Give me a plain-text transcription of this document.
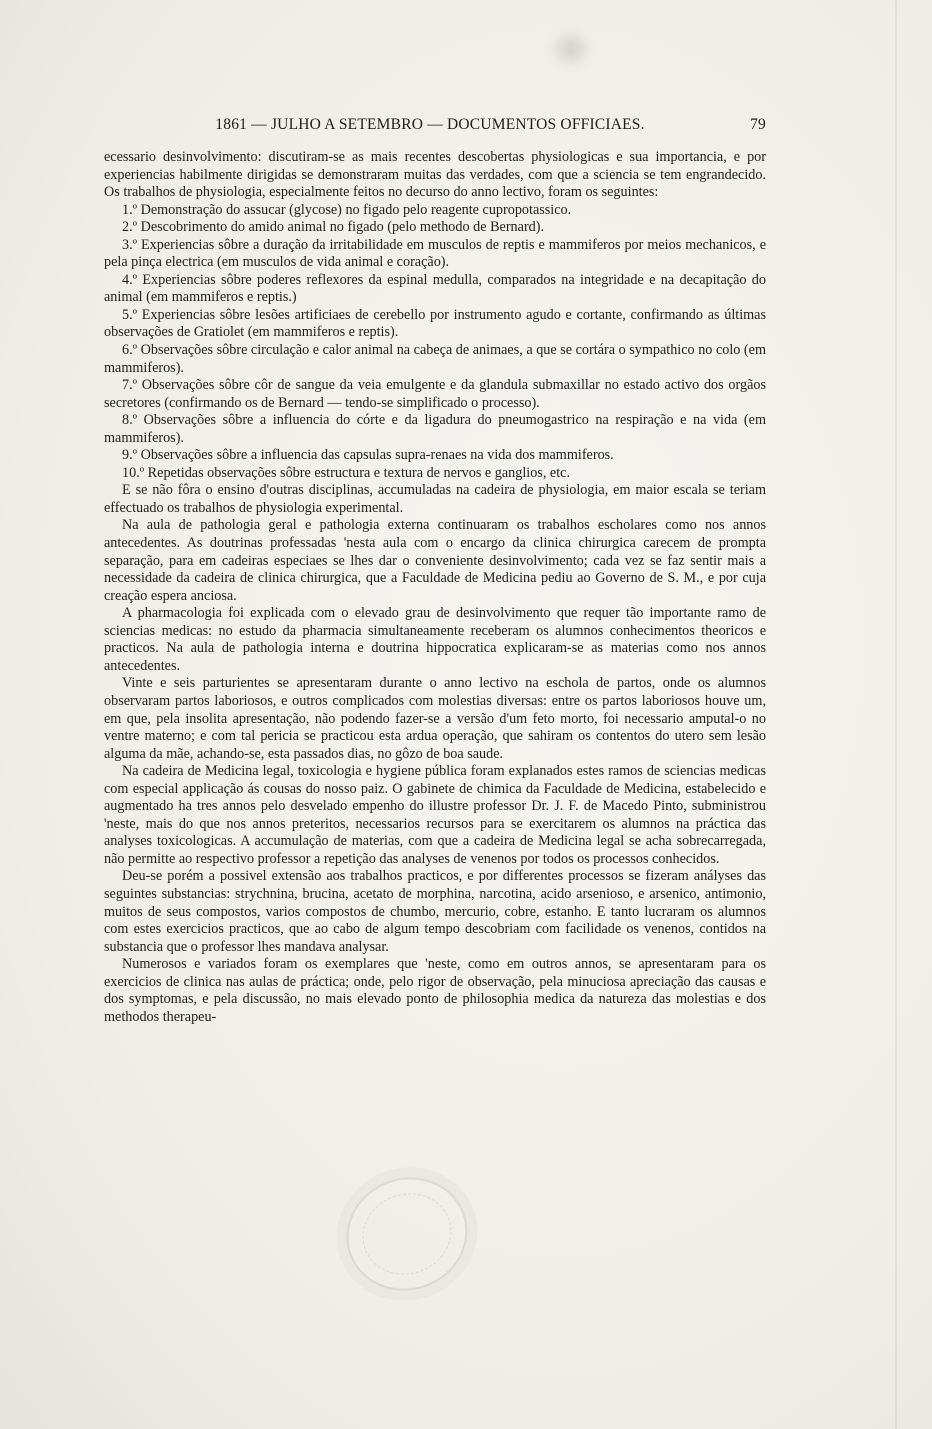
1861 — JULHO A SETEMBRO — DOCUMENTOS OFFICIAES.	79

ecessario desinvolvimento: discutiram-se as mais recentes descobertas physiologicas e sua importancia, e por experiencias habilmente dirigidas se demonstraram muitas das verdades, com que a sciencia se tem engrandecido. Os trabalhos de physiologia, especialmente feitos no decurso do anno lectivo, foram os seguintes:

1.º Demonstração do assucar (glycose) no figado pelo reagente cupropotassico.

2.º Descobrimento do amido animal no figado (pelo methodo de Bernard).

3.º Experiencias sôbre a duração da irritabilidade em musculos de reptis e mammiferos por meios mechanicos, e pela pinça electrica (em musculos de vida animal e coração).

4.º Experiencias sôbre poderes reflexores da espinal medulla, comparados na integridade e na decapitação do animal (em mammiferos e reptis.)

5.º Experiencias sôbre lesões artificiaes de cerebello por instrumento agudo e cortante, confirmando as últimas observações de Gratiolet (em mammiferos e reptis).

6.º Observações sôbre circulação e calor animal na cabeça de animaes, a que se cortára o sympathico no colo (em mammiferos).

7.º Observações sôbre côr de sangue da veia emulgente e da glandula submaxillar no estado activo dos orgãos secretores (confirmando os de Bernard — tendo-se simplificado o processo).

8.º Observações sôbre a influencia do córte e da ligadura do pneumogastrico na respiração e na vida (em mammiferos).

9.º Observações sôbre a influencia das capsulas supra-renaes na vida dos mammiferos.

10.º Repetidas observações sôbre estructura e textura de nervos e ganglios, etc.

E se não fôra o ensino d'outras disciplinas, accumuladas na cadeira de physiologia, em maior escala se teriam effectuado os trabalhos de physiologia experimental.

Na aula de pathologia geral e pathologia externa continuaram os trabalhos escholares como nos annos antecedentes. As doutrinas professadas 'nesta aula com o encargo da clinica chirurgica carecem de prompta separação, para em cadeiras especiaes se lhes dar o conveniente desinvolvimento; cada vez se faz sentir mais a necessidade da cadeira de clinica chirurgica, que a Faculdade de Medicina pediu ao Governo de S. M., e por cuja creação espera anciosa.

A pharmacologia foi explicada com o elevado grau de desinvolvimento que requer tão importante ramo de sciencias medicas: no estudo da pharmacia simultaneamente receberam os alumnos conhecimentos theoricos e practicos. Na aula de pathologia interna e doutrina hippocratica explicaram-se as materias como nos annos antecedentes.

Vinte e seis parturientes se apresentaram durante o anno lectivo na eschola de partos, onde os alumnos observaram partos laboriosos, e outros complicados com molestias diversas: entre os partos laboriosos houve um, em que, pela insolita apresentação, não podendo fazer-se a versão d'um feto morto, foi necessario amputal-o no ventre materno; e com tal pericia se practicou esta ardua operação, que sahiram os contentos do utero sem lesão alguma da mãe, achando-se, esta passados dias, no gôzo de boa saude.

Na cadeira de Medicina legal, toxicologia e hygiene pública foram explanados estes ramos de sciencias medicas com especial applicação ás cousas do nosso paiz. O gabinete de chimica da Faculdade de Medicina, estabelecido e augmentado ha tres annos pelo desvelado empenho do illustre professor Dr. J. F. de Macedo Pinto, subministrou 'neste, mais do que nos annos preteritos, necessarios recursos para se exercitarem os alumnos na práctica das analyses toxicologicas. A accumulação de materias, com que a cadeira de Medicina legal se acha sobrecarregada, não permitte ao respectivo professor a repetição das analyses de venenos por todos os processos conhecidos.

Deu-se porém a possivel extensão aos trabalhos practicos, e por differentes processos se fizeram anályses das seguintes substancias: strychnina, brucina, acetato de morphina, narcotina, acido arsenioso, e arsenico, antimonio, muitos de seus compostos, varios compostos de chumbo, mercurio, cobre, estanho. E tanto lucraram os alumnos com estes exercicios practicos, que ao cabo de algum tempo descobriam com facilidade os venenos, contidos na substancia que o professor lhes mandava analysar.

Numerosos e variados foram os exemplares que 'neste, como em outros annos, se apresentaram para os exercicios de clinica nas aulas de práctica; onde, pelo rigor de observação, pela minuciosa apreciação das causas e dos symptomas, e pela discussão, no mais elevado ponto de philosophia medica da natureza das molestias e dos methodos therapeu-
